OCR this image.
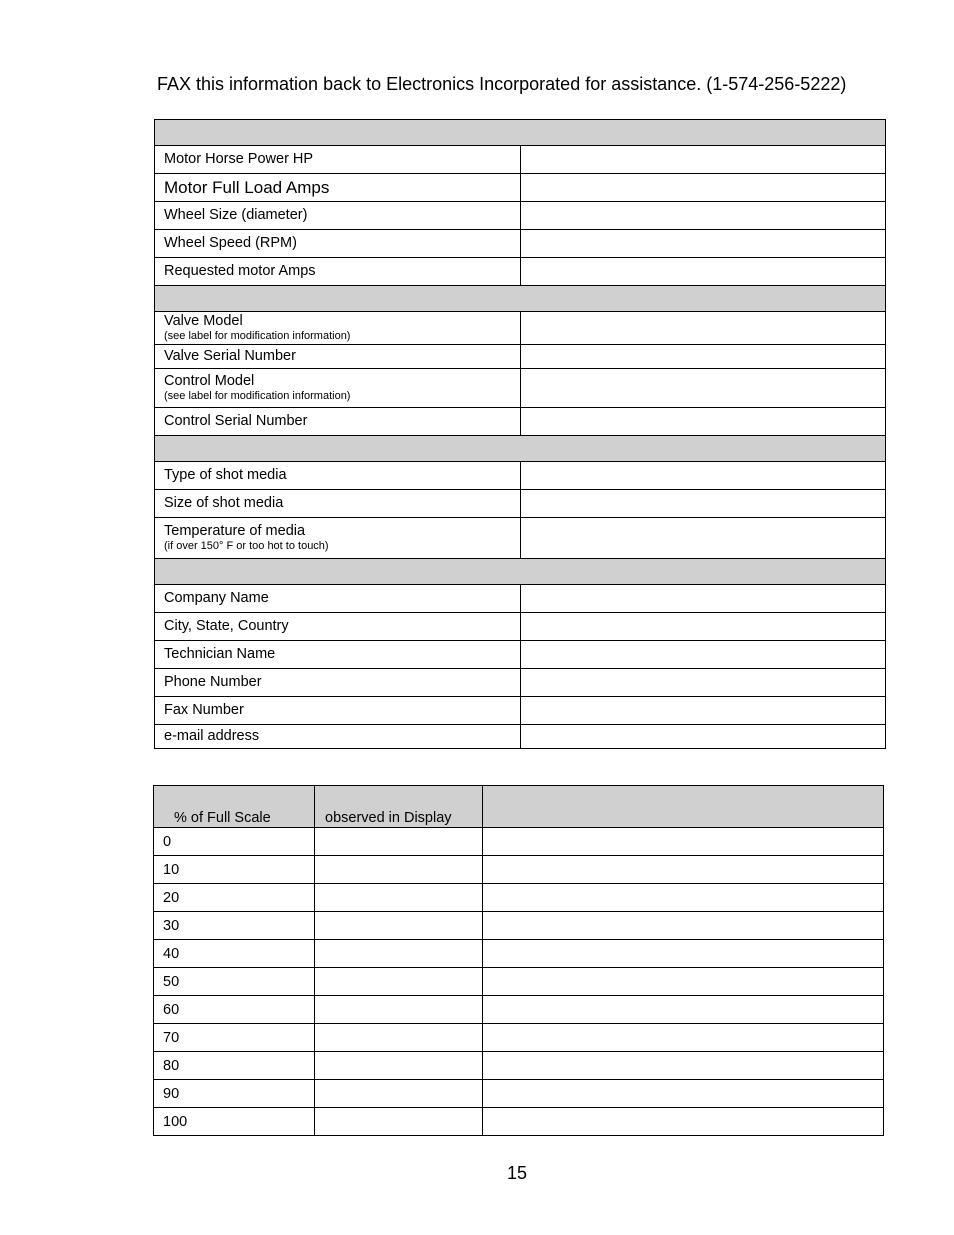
FAX this information back to Electronics Incorporated for assistance. (1-574-256-5222)

Motor Horse Power HP	
Motor Full Load Amps	
Wheel Size (diameter)	
Wheel Speed (RPM)	
Requested motor Amps	

Valve Model
(see label for modification information)	

Valve Serial Number	

Control Model
(see label for modification information)	

Control Serial Number	

Type of shot media	
Size of shot media	

Temperature of media
(if over 150° F or too hot to touch)	

Company Name	
City, State, Country	
Technician Name	
Phone Number	
Fax Number	
e-mail address	
% of Full Scale	observed in Display	
0		
10		
20		
30		
40		
50		
60		
70		
80		
90		
100		
15
